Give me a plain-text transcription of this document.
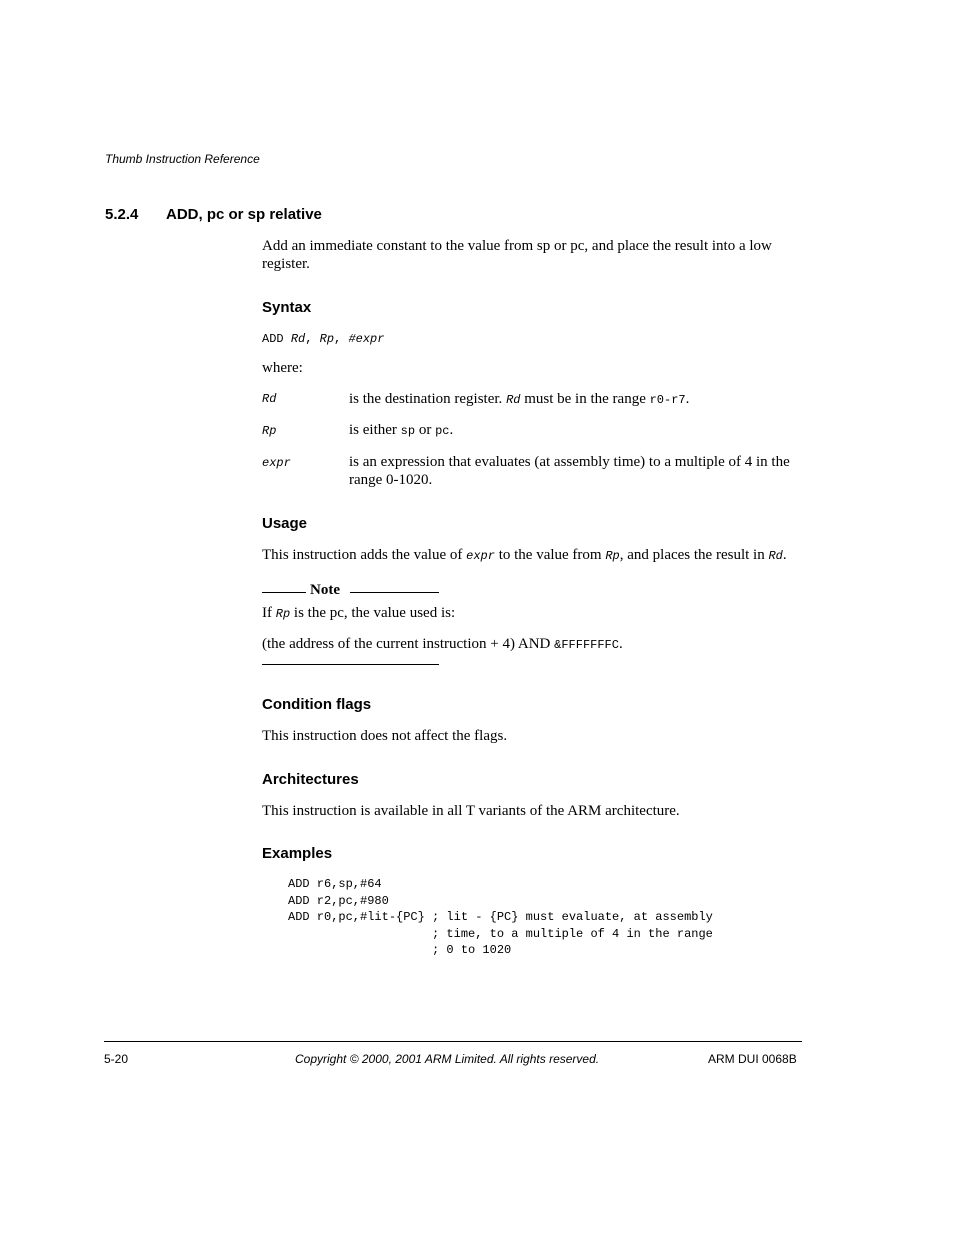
Thumb Instruction Reference
5.2.4 ADD, pc or sp relative

Add an immediate constant to the value from sp or pc, and place the result into a low register.

Syntax
ADD Rd, Rp, #expr
where:
Rd	is the destination register. Rd must be in the range r0-r7.
Rp	is either sp or pc.
expr	is an expression that evaluates (at assembly time) to a multiple of 4 in the range 0-1020.
Usage
This instruction adds the value of expr to the value from Rp, and places the result in Rd.
Note
If Rp is the pc, the value used is:
(the address of the current instruction + 4) AND &FFFFFFFC.
Condition flags
This instruction does not affect the flags.
Architectures
This instruction is available in all T variants of the ARM architecture.
Examples
ADD r6,sp,#64
ADD r2,pc,#980
ADD r0,pc,#lit-{PC} ; lit - {PC} must evaluate, at assembly
; time, to a multiple of 4 in the range
; 0 to 1020
5-20	Copyright © 2000, 2001 ARM Limited. All rights reserved.	ARM DUI 0068B
